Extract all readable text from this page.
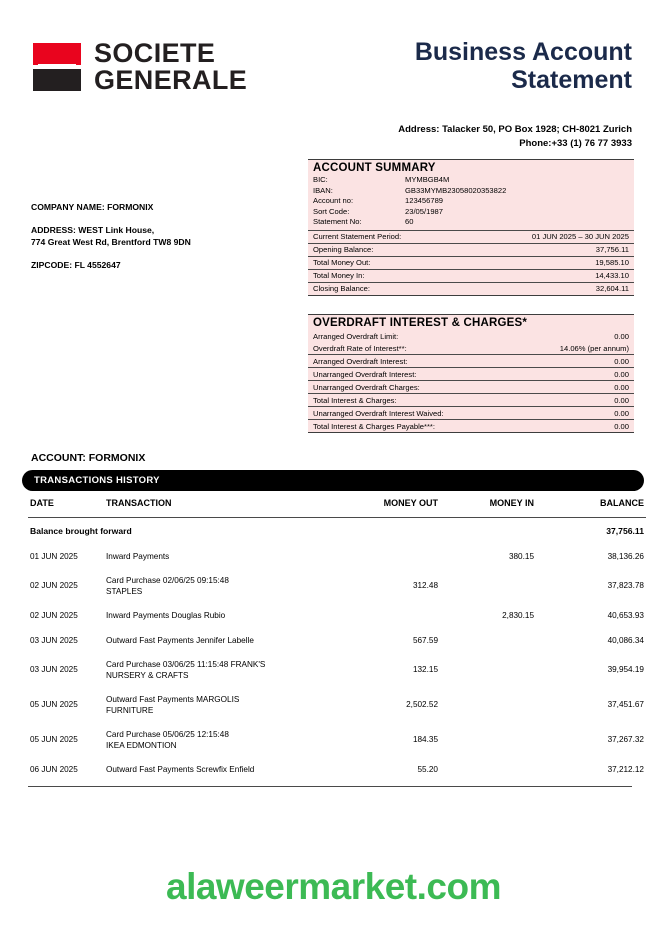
SOCIETE
GENERALE
Business Account
Statement
Address: Talacker 50, PO Box 1928; CH-8021 Zurich
Phone:+33 (1) 76 77 3933
COMPANY NAME: FORMONIX
ADDRESS: WEST Link House,
774 Great West Rd, Brentford TW8 9DN
ZIPCODE: FL 4552647
ACCOUNT SUMMARY
BIC:	MYMBGB4M
IBAN:	GB33MYMB23058020353822
Account no:	123456789
Sort Code:	23/05/1987
Statement No:	60
Current Statement Period:	01 JUN 2025 – 30 JUN 2025
Opening Balance:	37,756.11
Total Money Out:	19,585.10
Total Money In:	14,433.10
Closing Balance:	32,604.11
OVERDRAFT INTEREST & CHARGES*
Arranged Overdraft Limit:	0.00
Overdraft Rate of Interest**:	14.06% (per annum)
Arranged Overdraft Interest:	0.00
Unarranged Overdraft Interest:	0.00
Unarranged Overdraft Charges:	0.00
Total Interest & Charges:	0.00
Unarranged Overdraft Interest Waived:	0.00
Total Interest & Charges Payable***:	0.00
ACCOUNT: FORMONIX
TRANSACTIONS HISTORY
DATE	TRANSACTION	MONEY OUT	MONEY IN	BALANCE
Balance brought forward				37,756.11
01 JUN 2025	Inward Payments		380.15	38,136.26
02 JUN 2025	Card Purchase 02/06/25 09:15:48
STAPLES	312.48		37,823.78
02 JUN 2025	Inward Payments Douglas Rubio		2,830.15	40,653.93
03 JUN 2025	Outward Fast Payments Jennifer Labelle	567.59		40,086.34
03 JUN 2025	Card Purchase 03/06/25 11:15:48 FRANK'S
NURSERY & CRAFTS	132.15		39,954.19
05 JUN 2025	Outward Fast Payments MARGOLIS
FURNITURE	2,502.52		37,451.67
05 JUN 2025	Card Purchase 05/06/25 12:15:48
IKEA EDMONTION	184.35		37,267.32
06 JUN 2025	Outward Fast Payments Screwfix Enfield	55.20		37,212.12
alaweermarket.com
